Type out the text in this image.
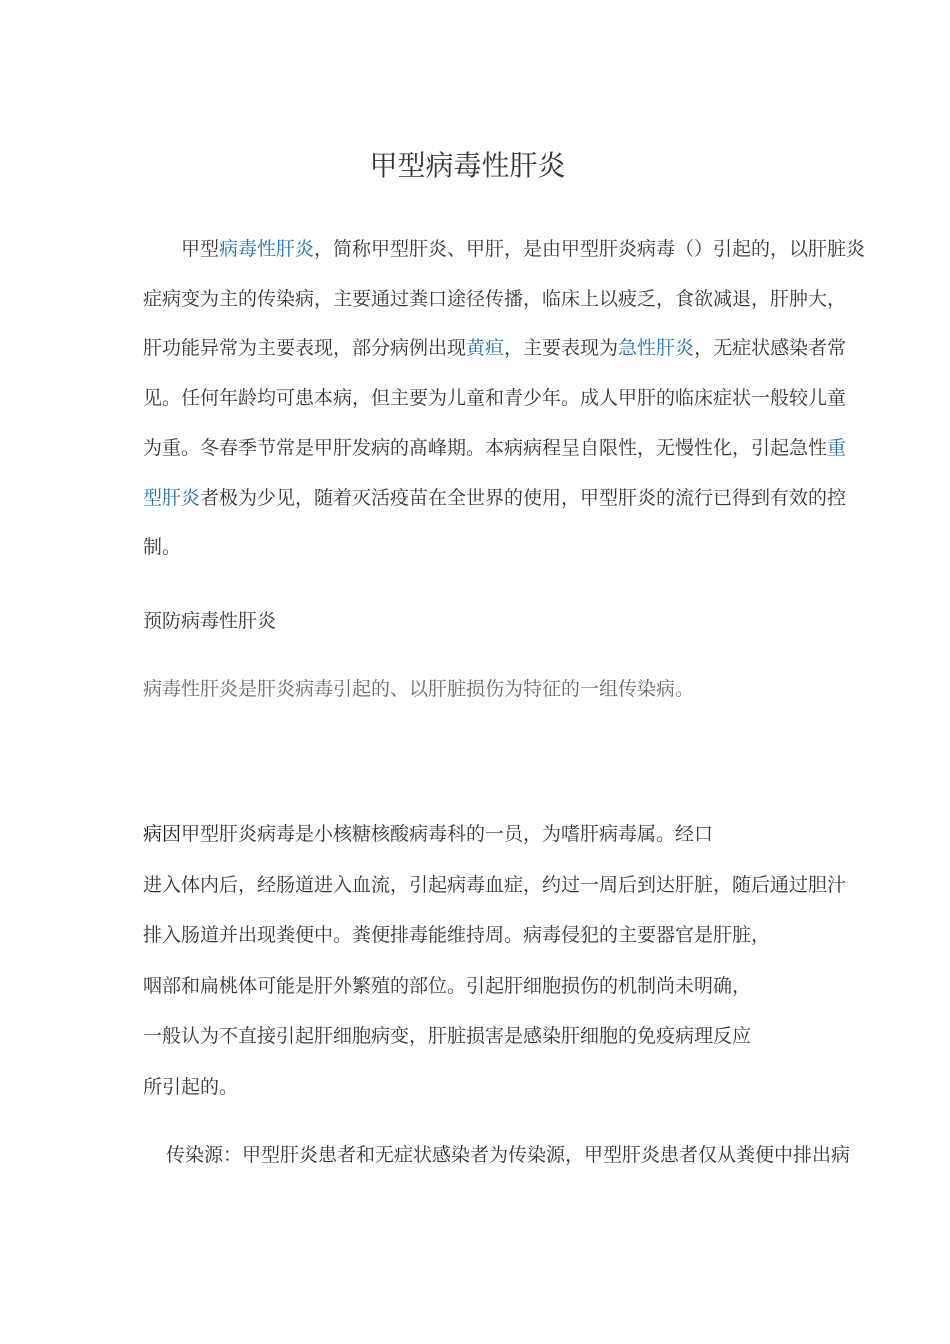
甲型病毒性肝炎
甲型病毒性肝炎，简称甲型肝炎、甲肝，是由甲型肝炎病毒（）引起的，以肝脏炎
症病变为主的传染病，主要通过粪口途径传播，临床上以疲乏，食欲减退，肝肿大，
肝功能异常为主要表现，部分病例出现黄疸，主要表现为急性肝炎，无症状感染者常
见。任何年龄均可患本病，但主要为儿童和青少年。成人甲肝的临床症状一般较儿童
为重。冬春季节常是甲肝发病的髙峰期。本病病程呈自限性，无慢性化，引起急性重
型肝炎者极为少见，随着灭活疫苗在全世界的使用，甲型肝炎的流行已得到有效的控
制。
预防病毒性肝炎
病毒性肝炎是肝炎病毒引起的、以肝脏损伤为特征的一组传染病。
病因甲型肝炎病毒是小核糖核酸病毒科的一员，为嗜肝病毒属。经口
进入体内后，经肠道进入血流，引起病毒血症，约过一周后到达肝脏，随后通过胆汁
排入肠道并出现粪便中。粪便排毒能维持周。病毒侵犯的主要器官是肝脏，
咽部和扁桃体可能是肝外繁殖的部位。引起肝细胞损伤的机制尚未明确，
一般认为不直接引起肝细胞病变，肝脏损害是感染肝细胞的免疫病理反应
所引起的。
传染源：甲型肝炎患者和无症状感染者为传染源，甲型肝炎患者仅从粪便中排出病
